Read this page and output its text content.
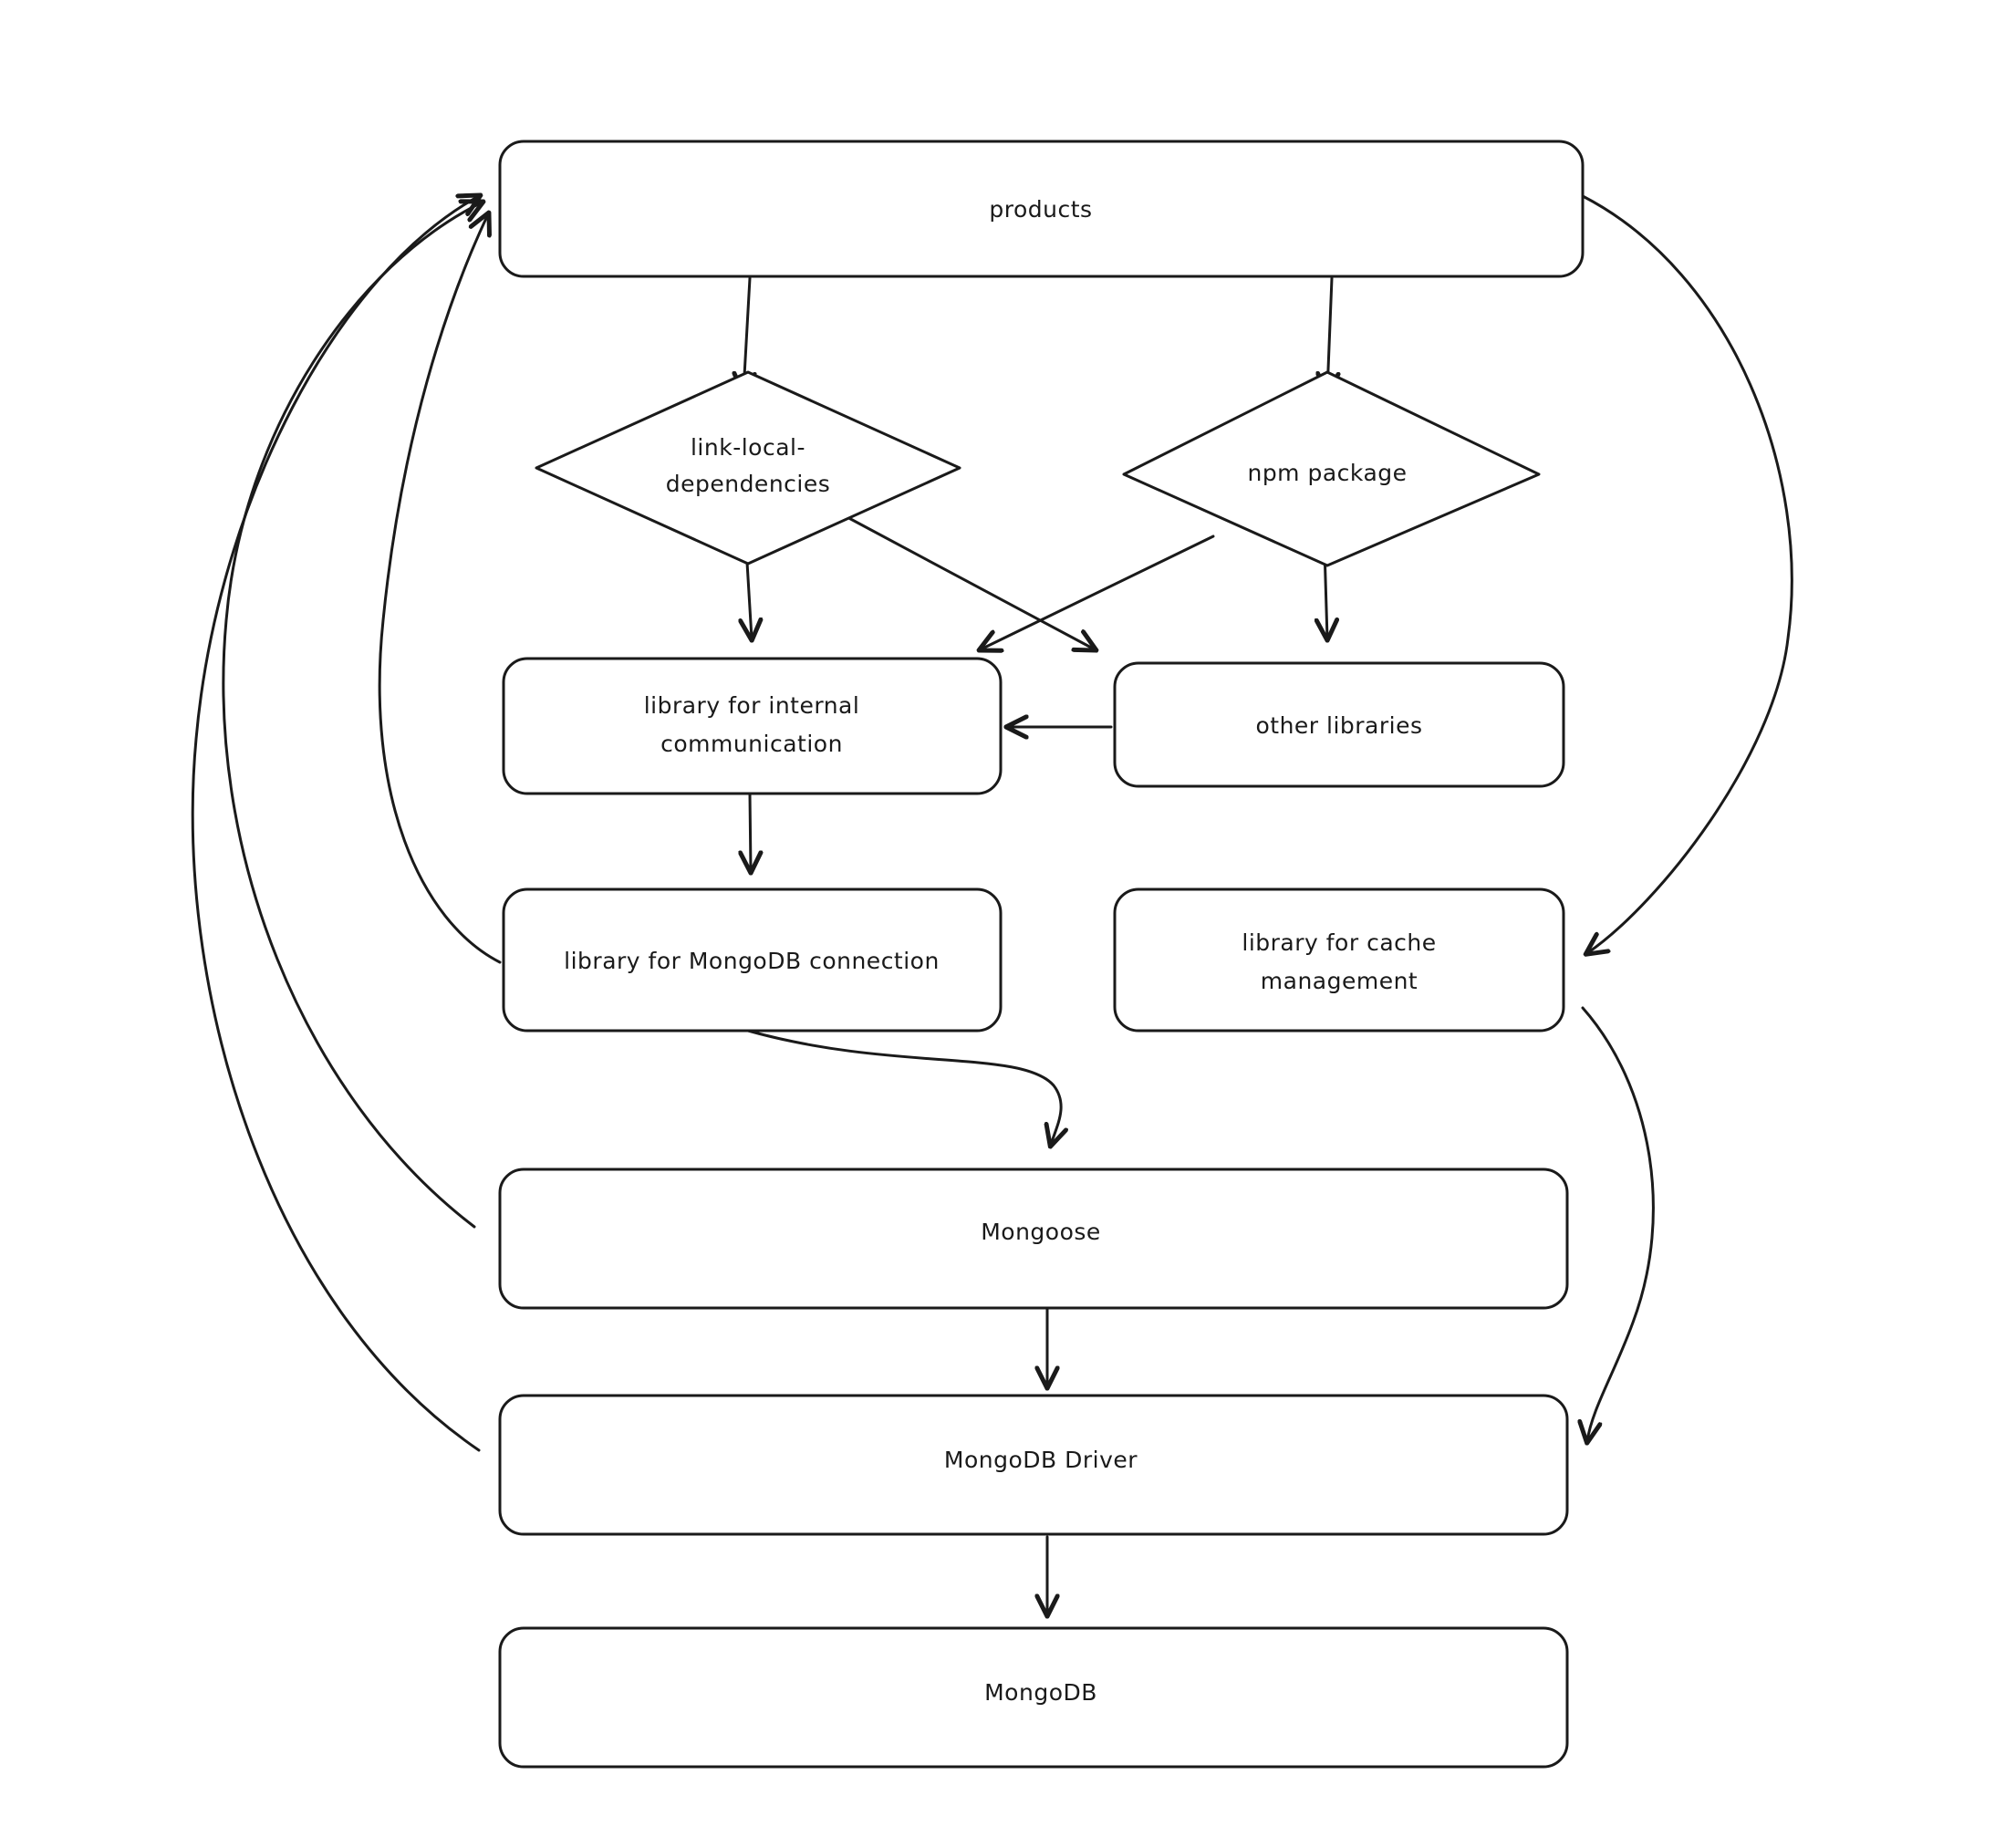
products
link-local-
dependencies	npm package
library for internal
communication
other libraries
library for MongoDB connection
library for cache
management
Mongoose
MongoDB Driver
MongoDB
